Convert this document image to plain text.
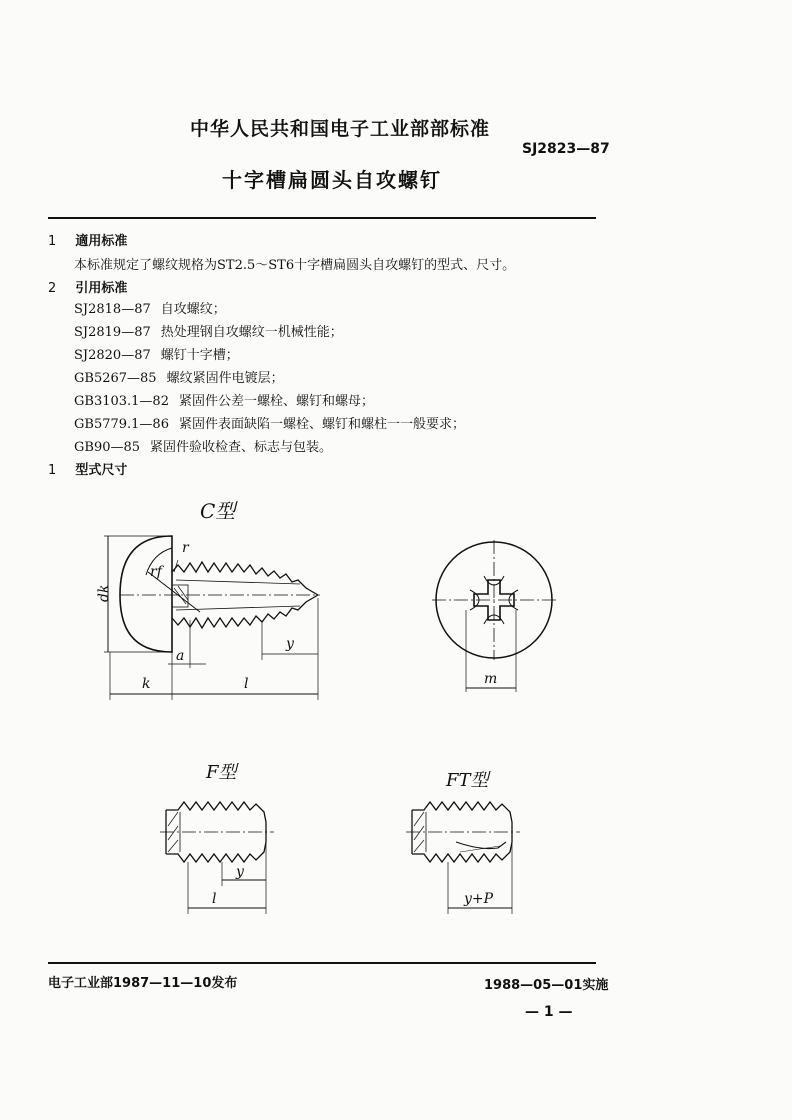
中华人民共和国电子工业部部标准
SJ2823—87
十字槽扁圆头自攻螺钉
1 適用标准
本标准规定了螺纹规格为ST2.5～ST6十字槽扁圆头自攻螺钉的型式、尺寸。
2 引用标准
SJ2818—87 自攻螺纹；
SJ2819—87 热处理钢自攻螺纹一机械性能；
SJ2820—87 螺钉十字槽；
GB5267—85 螺纹紧固件电镀层；
GB3103.1—82 紧固件公差一螺栓、螺钉和螺母；
GB5779.1—86 紧固件表面缺陷一螺栓、螺钉和螺柱一一般要求；
GB90—85 紧固件验收检查、标志与包装。
1 型式尺寸
C型
dk
rf
r
a
y
k	l	m
F型
y
l
FT型
y+P
电子工业部1987—11—10发布	1988—05—01实施
— 1 —
